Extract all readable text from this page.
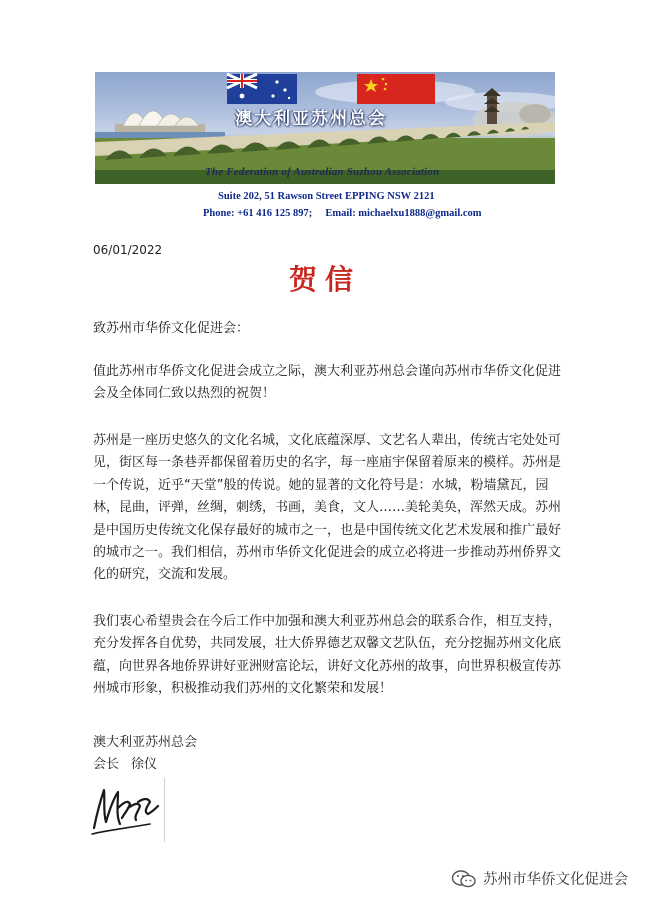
澳大利亚苏州总会
The Federation of Australian Suzhou Association
Suite 202, 51 Rawson Street EPPING NSW 2121
Phone: +61 416 125 897;     Email: michaelxu1888@gmail.com
06/01/2022
贺信
致苏州市华侨文化促进会：

值此苏州市华侨文化促进会成立之际，澳大利亚苏州总会谨向苏州市华侨文化促进会及全体同仁致以热烈的祝贺！

苏州是一座历史悠久的文化名城，文化底蕴深厚、文艺名人辈出，传统古宅处处可见，街区每一条巷弄都保留着历史的名字，每一座庙宇保留着原来的模样。苏州是一个传说，近乎“天堂”般的传说。她的显著的文化符号是：水城，粉墙黛瓦，园林，昆曲，评弹，丝绸，刺绣，书画，美食，文人……美轮美奂，浑然天成。苏州是中国历史传统文化保存最好的城市之一，也是中国传统文化艺术发展和推广最好的城市之一。我们相信，苏州市华侨文化促进会的成立必将进一步推动苏州侨界文化的研究，交流和发展。

我们衷心希望贵会在今后工作中加强和澳大利亚苏州总会的联系合作，相互支持，充分发挥各自优势，共同发展，壮大侨界德艺双馨文艺队伍，充分挖掘苏州文化底蕴，向世界各地侨界讲好亚洲财富论坛，讲好文化苏州的故事，向世界积极宣传苏州城市形象，积极推动我们苏州的文化繁荣和发展！

澳大利亚苏州总会
会长 徐仪
苏州市华侨文化促进会
